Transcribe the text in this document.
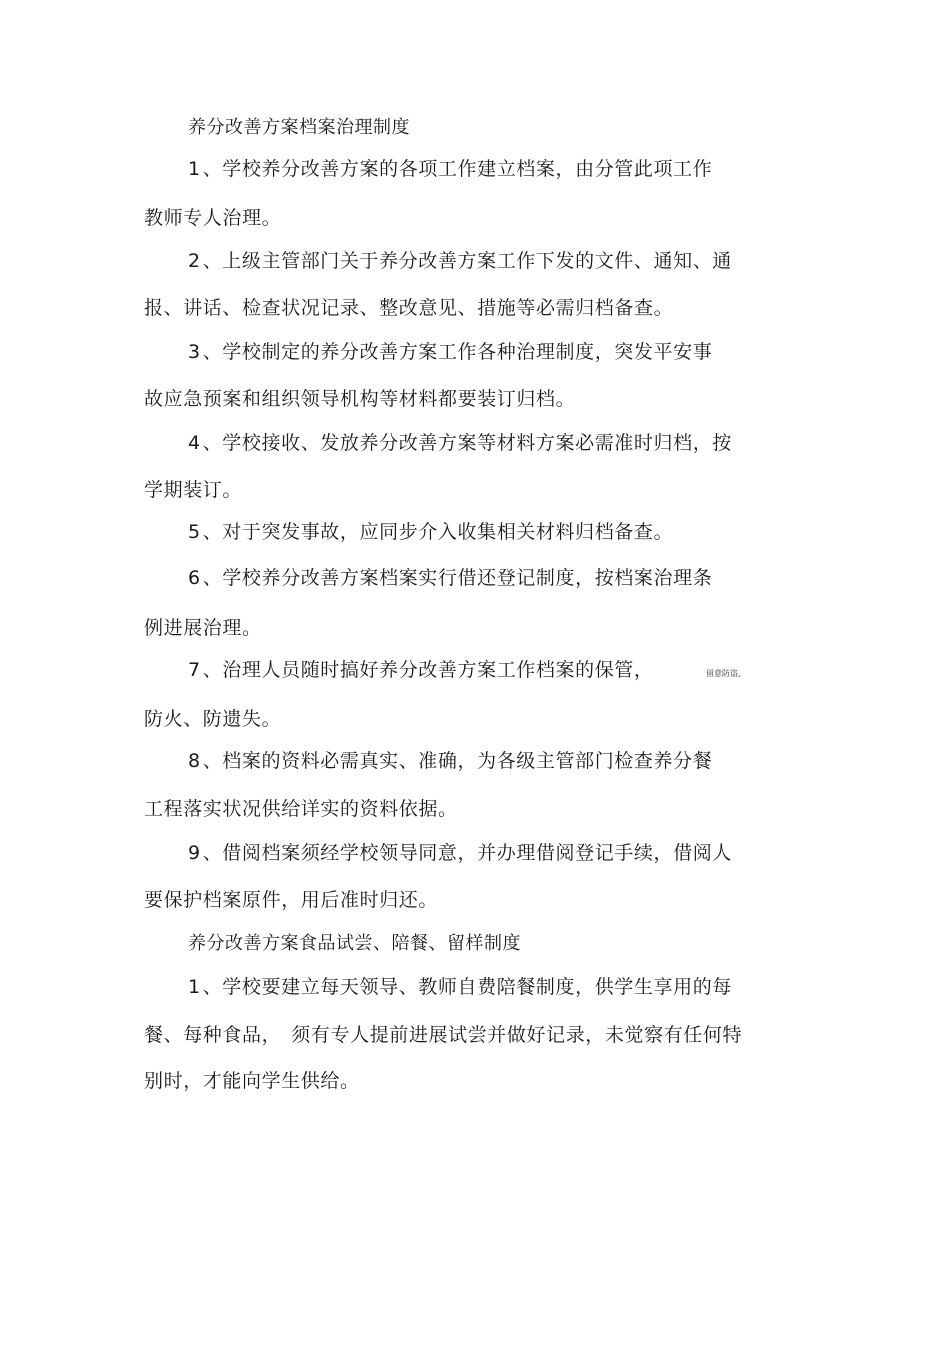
养分改善方案档案治理制度
1 、学校养分改善方案的各项工作建立档案，由分管此项工作
教师专人治理。
2 、上级主管部门关于养分改善方案工作下发的文件、通知、通
报、讲话、检查状况记录、整改意见、措施等必需归档备查。
3 、学校制定的养分改善方案工作各种治理制度，突发平安事
故应急预案和组织领导机构等材料都要装订归档。
4 、学校接收、发放养分改善方案等材料方案必需准时归档，按
学期装订。
5 、对于突发事故，应同步介入收集相关材料归档备查。
6 、学校养分改善方案档案实行借还登记制度，按档案治理条
例进展治理。
7 、治理人员随时搞好养分改善方案工作档案的保管，	留意防盗、
防火、防遗失。
8 、档案的资料必需真实、准确，为各级主管部门检查养分餐
工程落实状况供给详实的资料依据。
9 、借阅档案须经学校领导同意，并办理借阅登记手续，借阅人
要保护档案原件，用后准时归还。
养分改善方案食品试尝、陪餐、留样制度
1 、学校要建立每天领导、教师自费陪餐制度，供学生享用的每
餐、每种食品，　须有专人提前进展试尝并做好记录，未觉察有任何特
别时，才能向学生供给。
